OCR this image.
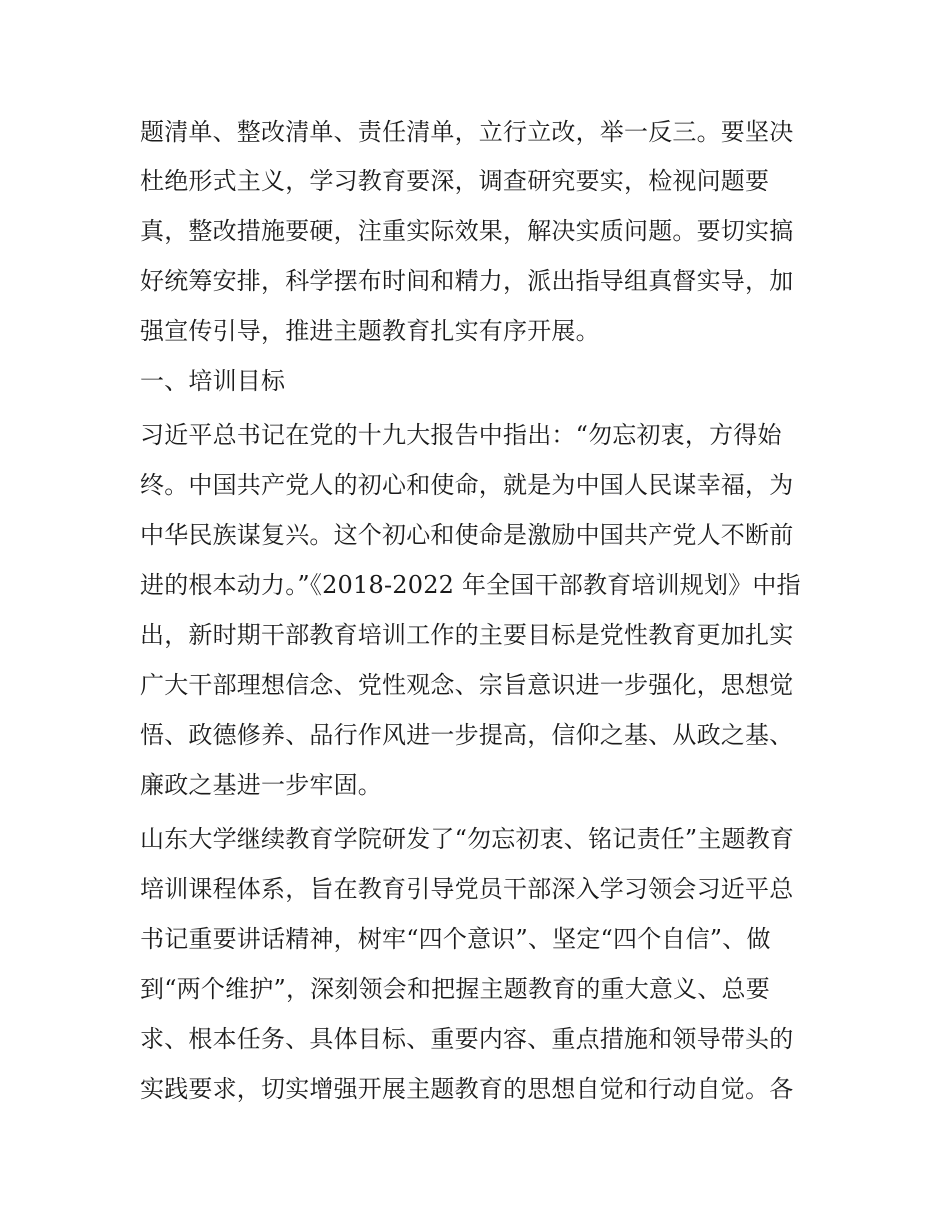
题清单、整改清单、责任清单，立行立改，举一反三。要坚决
杜绝形式主义，学习教育要深，调查研究要实，检视问题要
真，整改措施要硬，注重实际效果，解决实质问题。要切实搞
好统筹安排，科学摆布时间和精力，派出指导组真督实导，加
强宣传引导，推进主题教育扎实有序开展。
一、培训目标
习近平总书记在党的十九大报告中指出：“勿忘初衷，方得始
终。中国共产党人的初心和使命，就是为中国人民谋幸福，为
中华民族谋复兴。这个初心和使命是激励中国共产党人不断前
进的根本动力。”《2018-2022 年全国干部教育培训规划》中指
出，新时期干部教育培训工作的主要目标是党性教育更加扎实
广大干部理想信念、党性观念、宗旨意识进一步强化，思想觉
悟、政德修养、品行作风进一步提高，信仰之基、从政之基、
廉政之基进一步牢固。
山东大学继续教育学院研发了“勿忘初衷、铭记责任”主题教育
培训课程体系，旨在教育引导党员干部深入学习领会习近平总
书记重要讲话精神，树牢“四个意识”、坚定“四个自信”、做
到“两个维护”，深刻领会和把握主题教育的重大意义、总要
求、根本任务、具体目标、重要内容、重点措施和领导带头的
实践要求，切实增强开展主题教育的思想自觉和行动自觉。各
